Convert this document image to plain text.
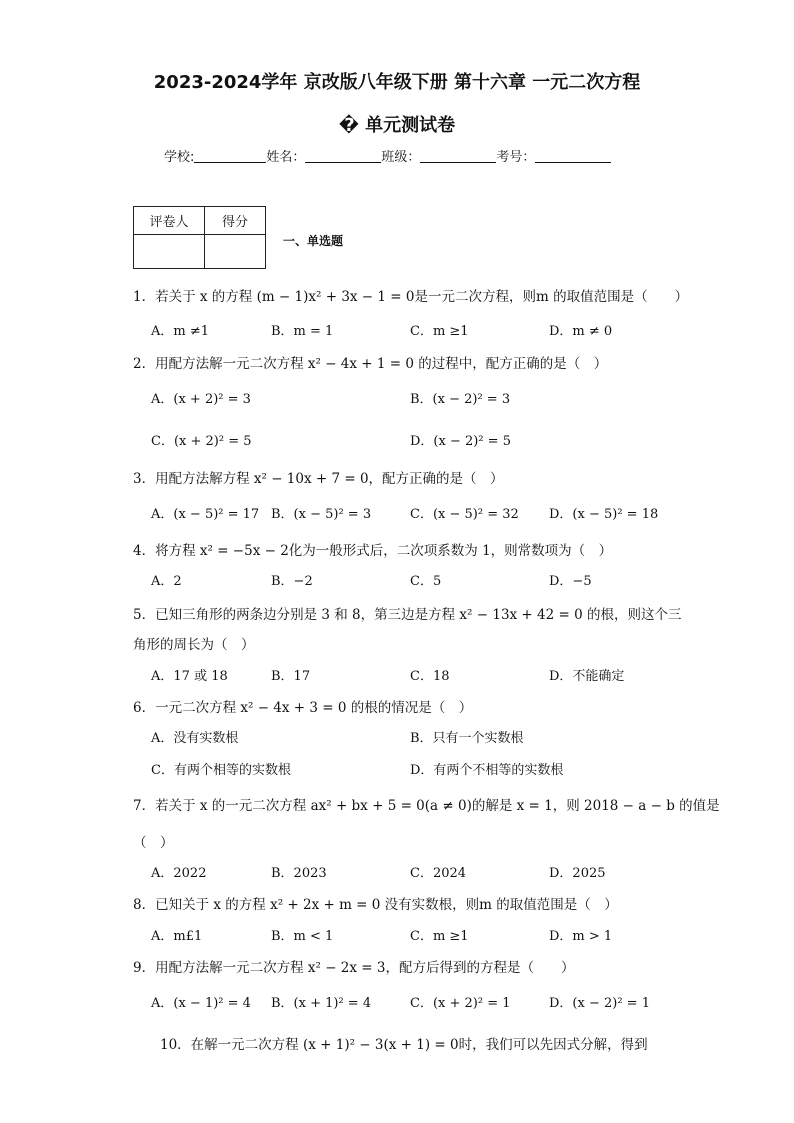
2023-2024学年 京改版八年级下册 第十六章 一元二次方程
� 单元测试卷
学校:	姓名：	班级：	考号：
评卷人	得分

一、单选题
1．若关于 x 的方程 (m − 1)x² + 3x − 1 = 0是一元二次方程，则m 的取值范围是（　　）
A．m ≠1	B．m = 1	C．m ≥1	D．m ≠ 0
2．用配方法解一元二次方程 x² − 4x + 1 = 0 的过程中，配方正确的是（　）
A．(x + 2)² = 3	B．(x − 2)² = 3
C．(x + 2)² = 5	D．(x − 2)² = 5
3．用配方法解方程 x² − 10x + 7 = 0，配方正确的是（　）
A．(x − 5)² = 17 B．(x − 5)² = 3	C．(x − 5)² = 32 D．(x − 5)² = 18
4．将方程 x² = −5x − 2化为一般形式后，二次项系数为 1，则常数项为（　）
A．2	B．−2	C．5	D．−5
5．已知三角形的两条边分别是 3 和 8，第三边是方程 x² − 13x + 42 = 0 的根，则这个三
角形的周长为（　）
A．17 或 18	B．17	C．18	D．不能确定
6．一元二次方程 x² − 4x + 3 = 0 的根的情况是（　）
A．没有实数根	B．只有一个实数根
C．有两个相等的实数根	D．有两个不相等的实数根
7．若关于 x 的一元二次方程 ax² + bx + 5 = 0(a ≠ 0)的解是 x = 1，则 2018 − a − b 的值是
（　）
A．2022	B．2023	C．2024	D．2025
8．已知关于 x 的方程 x² + 2x + m = 0 没有实数根，则m 的取值范围是（　）
A．m£1	B．m < 1	C．m ≥1	D．m > 1
9．用配方法解一元二次方程 x² − 2x = 3，配方后得到的方程是（　　）
A．(x − 1)² = 4 B．(x + 1)² = 4	C．(x + 2)² = 1	D．(x − 2)² = 1
10．在解一元二次方程 (x + 1)² − 3(x + 1) = 0时，我们可以先因式分解，得到
